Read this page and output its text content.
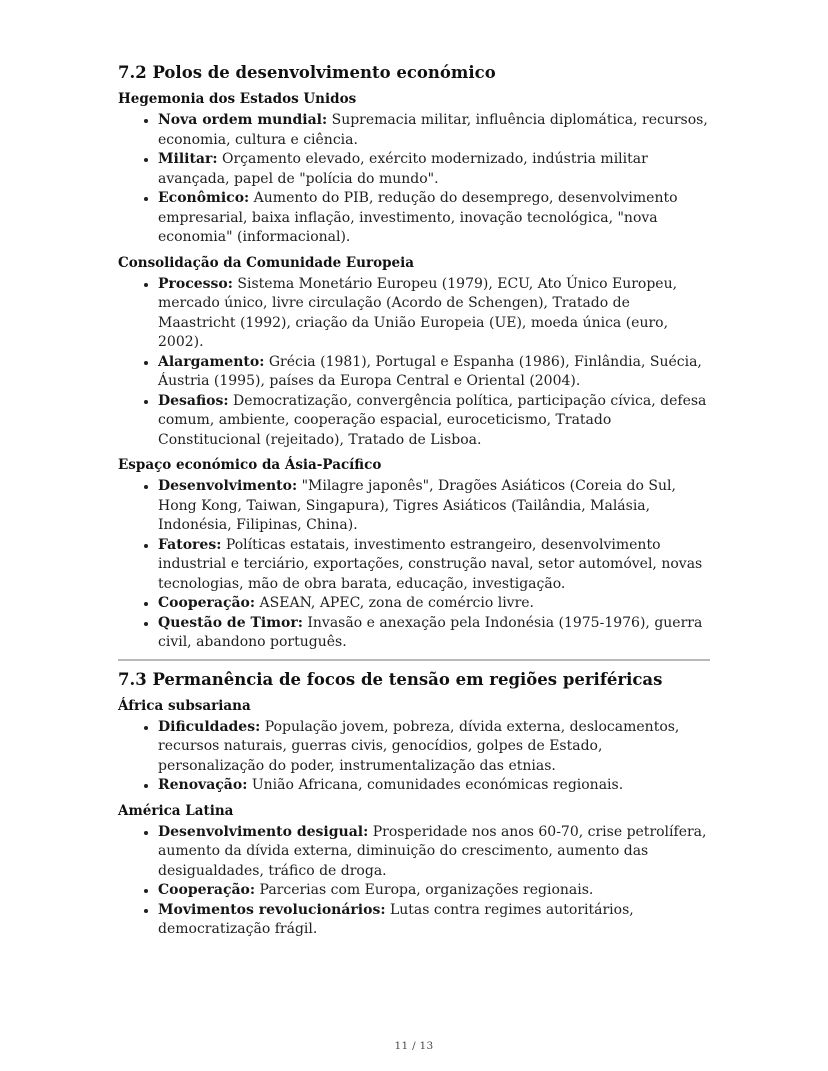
7.2 Polos de desenvolvimento económico
Hegemonia dos Estados Unidos
• Nova ordem mundial: Supremacia militar, influência diplomática, recursos, economia, cultura e ciência.
• Militar: Orçamento elevado, exército modernizado, indústria militar avançada, papel de "polícia do mundo".
• Econômico: Aumento do PIB, redução do desemprego, desenvolvimento empresarial, baixa inflação, investimento, inovação tecnológica, "nova economia" (informacional).
Consolidação da Comunidade Europeia
• Processo: Sistema Monetário Europeu (1979), ECU, Ato Único Europeu, mercado único, livre circulação (Acordo de Schengen), Tratado de Maastricht (1992), criação da União Europeia (UE), moeda única (euro, 2002).
• Alargamento: Grécia (1981), Portugal e Espanha (1986), Finlândia, Suécia, Áustria (1995), países da Europa Central e Oriental (2004).
• Desafios: Democratização, convergência política, participação cívica, defesa comum, ambiente, cooperação espacial, euroceticismo, Tratado Constitucional (rejeitado), Tratado de Lisboa.
Espaço económico da Ásia-Pacífico
• Desenvolvimento: "Milagre japonês", Dragões Asiáticos (Coreia do Sul, Hong Kong, Taiwan, Singapura), Tigres Asiáticos (Tailândia, Malásia, Indonésia, Filipinas, China).
• Fatores: Políticas estatais, investimento estrangeiro, desenvolvimento industrial e terciário, exportações, construção naval, setor automóvel, novas tecnologias, mão de obra barata, educação, investigação.
• Cooperação: ASEAN, APEC, zona de comércio livre.
• Questão de Timor: Invasão e anexação pela Indonésia (1975-1976), guerra civil, abandono português.
7.3 Permanência de focos de tensão em regiões periféricas
África subsariana
• Dificuldades: População jovem, pobreza, dívida externa, deslocamentos, recursos naturais, guerras civis, genocídios, golpes de Estado, personalização do poder, instrumentalização das etnias.
• Renovação: União Africana, comunidades económicas regionais.
América Latina
• Desenvolvimento desigual: Prosperidade nos anos 60-70, crise petrolífera, aumento da dívida externa, diminuição do crescimento, aumento das desigualdades, tráfico de droga.
• Cooperação: Parcerias com Europa, organizações regionais.
• Movimentos revolucionários: Lutas contra regimes autoritários, democratização frágil.
11 / 13
